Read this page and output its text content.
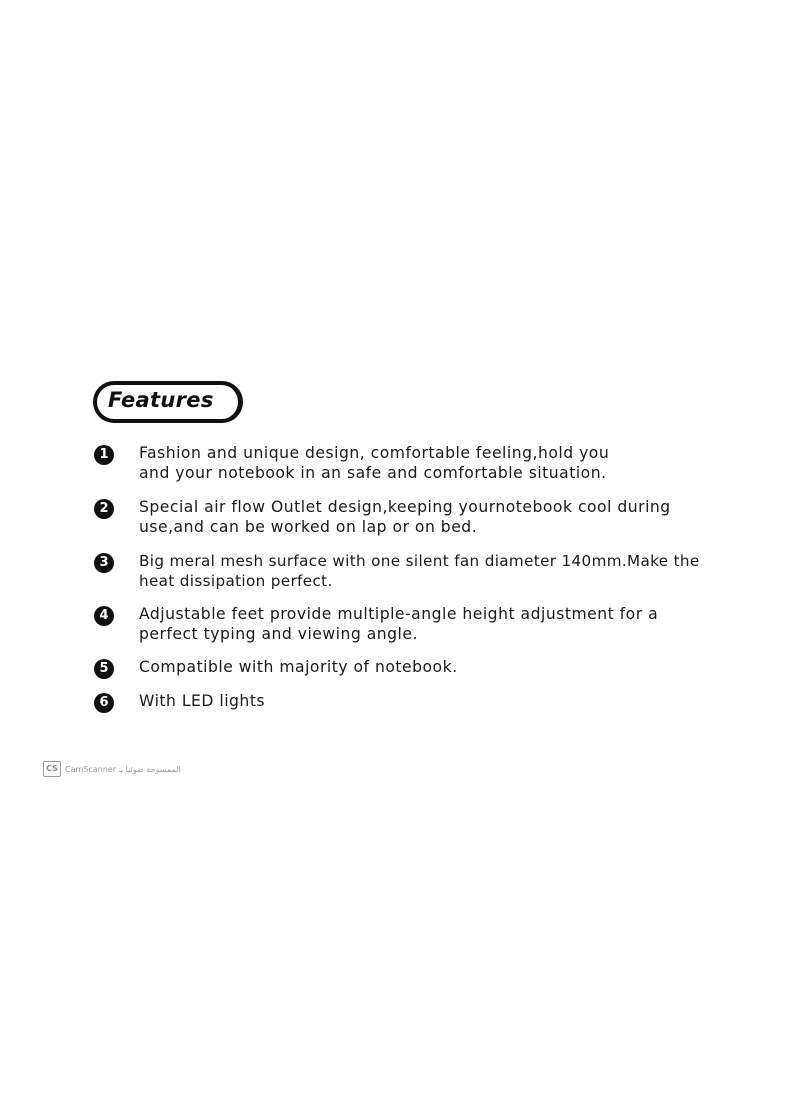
Features
1	Fashion and unique design, comfortable feeling,hold you
and your notebook in an safe and comfortable situation.
2	Special air flow Outlet design,keeping yournotebook cool during
use,and can be worked on lap or on bed.
3	Big meral mesh surface with one silent fan diameter 140mm.Make the
heat dissipation perfect.
4	Adjustable feet provide multiple-angle height adjustment for a
perfect typing and viewing angle.
5	Compatible with majority of notebook.
6	With LED lights
CS CamScanner الممسوحة ضوئيا بـ
